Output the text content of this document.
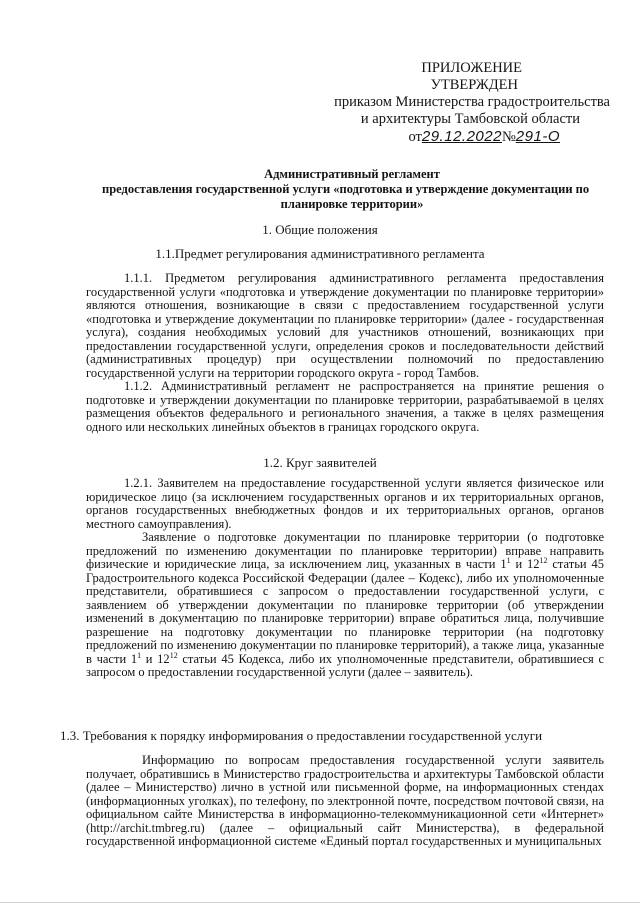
ПРИЛОЖЕНИЕ
УТВЕРЖДЕН
приказом Министерства градостроительства
и архитектуры Тамбовской области
от29.12.2022№291-О
Административный регламент
предоставления государственной услуги «подготовка и утверждение документации по
планировке территории»
1. Общие положения
1.1.Предмет регулирования административного регламента
1.1.1. Предметом регулирования административного регламента предоставления государственной услуги «подготовка и утверждение документации по планировке территории» являются отношения, возникающие в связи с предоставлением государственной услуги «подготовка и утверждение документации по планировке территории» (далее - государственная услуга), создания необходимых условий для участников отношений, возникающих при предоставлении государственной услуги, определения сроков и последовательности действий (административных процедур) при осуществлении полномочий по предоставлению государственной услуги на территории городского округа - город Тамбов.
1.1.2. Административный регламент не распространяется на принятие решения о подготовке и утверждении документации по планировке территории, разрабатываемой в целях размещения объектов федерального и регионального значения, а также в целях размещения одного или нескольких линейных объектов в границах городского округа.
1.2. Круг заявителей
1.2.1. Заявителем на предоставление государственной услуги является физическое или юридическое лицо (за исключением государственных органов и их территориальных органов, органов государственных внебюджетных фондов и их территориальных органов, органов местного самоуправления).
Заявление о подготовке документации по планировке территории (о подготовке предложений по изменению документации по планировке территории) вправе направить физические и юридические лица, за исключением лиц, указанных в части $1^1$ и $12^{12}$ статьи 45 Градостроительного кодекса Российской Федерации (далее – Кодекс), либо их уполномоченные представители, обратившиеся с запросом о предоставлении государственной услуги, с заявлением об утверждении документации по планировке территории (об утверждении изменений в документацию по планировке территории) вправе обратиться лица, получившие разрешение на подготовку документации по планировке территории (на подготовку предложений по изменению документации по планировке территорий), а также лица, указанные в части $1^1$ и $12^{12}$ статьи 45 Кодекса, либо их уполномоченные представители, обратившиеся с запросом о предоставлении государственной услуги (далее – заявитель).
1.3. Требования к порядку информирования о предоставлении государственной услуги
Информацию по вопросам предоставления государственной услуги заявитель получает, обратившись в Министерство градостроительства и архитектуры Тамбовской области (далее – Министерство) лично в устной или письменной форме, на информационных стендах (информационных уголках), по телефону, по электронной почте, посредством почтовой связи, на официальном сайте Министерства в информационно-телекоммуникационной сети «Интернет» (http://archit.tmbreg.ru) (далее – официальный сайт Министерства), в федеральной государственной информационной системе «Единый портал государственных и муниципальных
